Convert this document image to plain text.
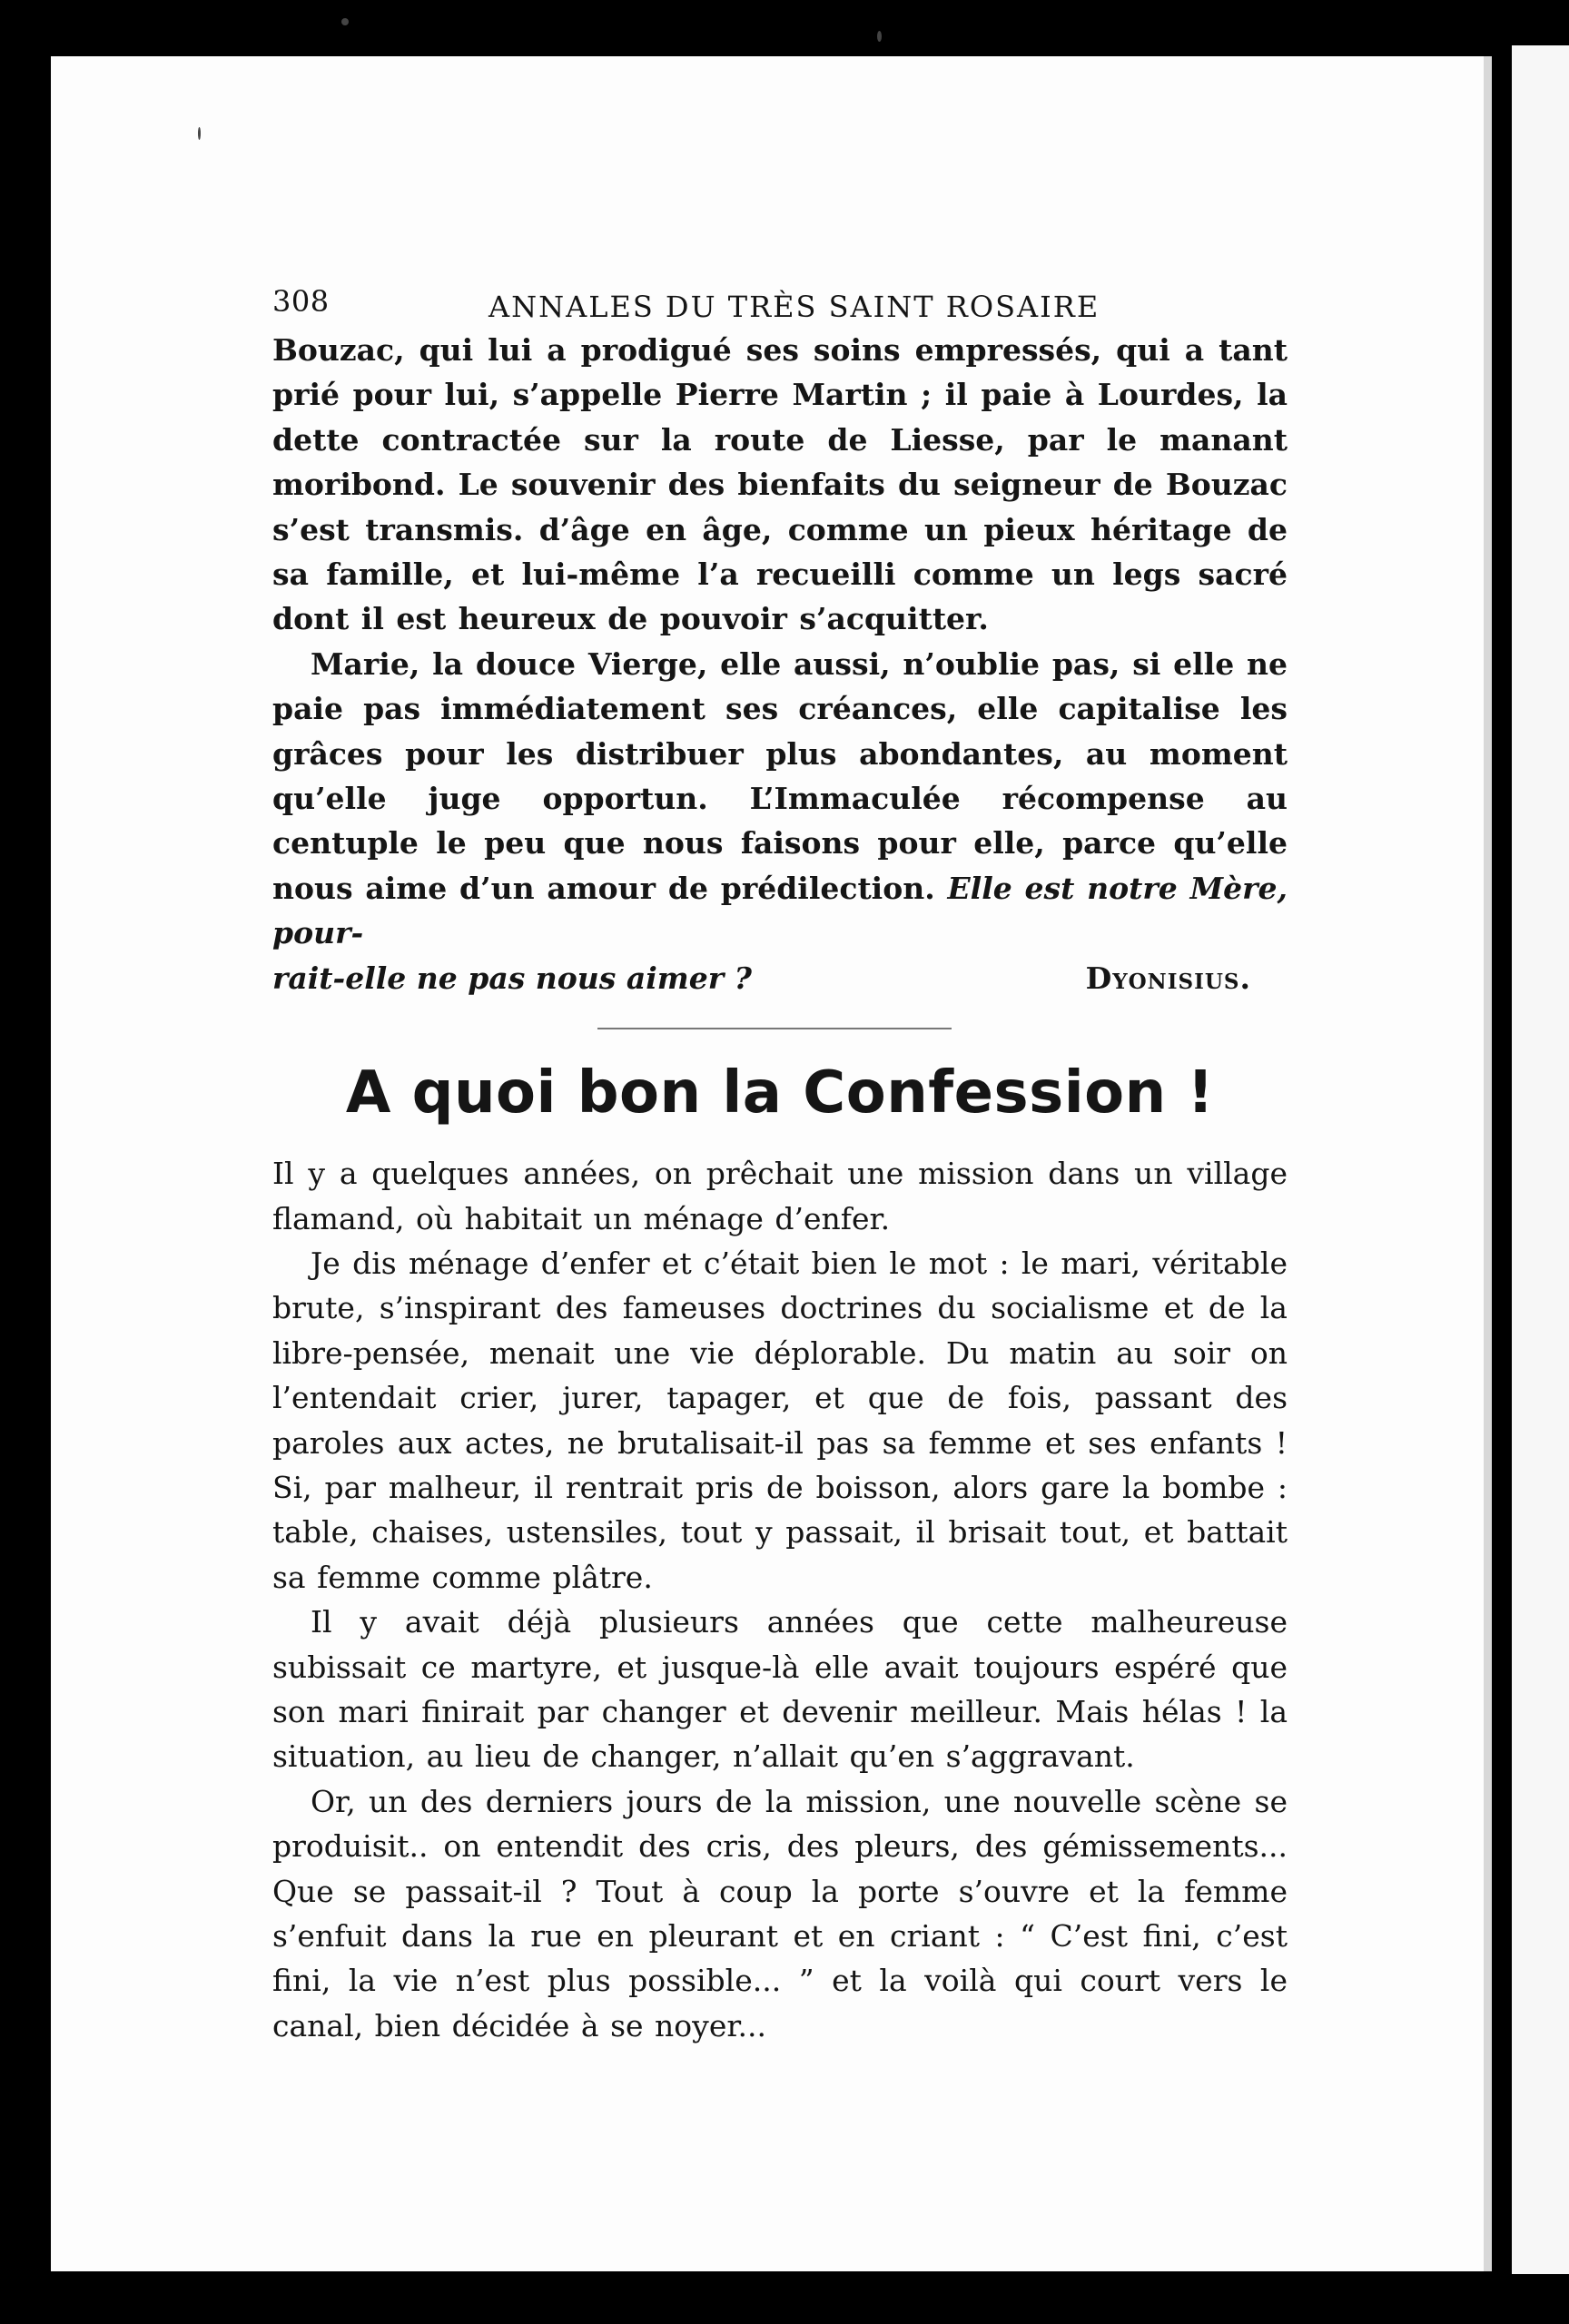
308	ANNALES DU TRÈS SAINT ROSAIRE

Bouzac, qui lui a prodigué ses soins empressés, qui a tant prié pour lui, s’appelle Pierre Martin ; il paie à Lourdes, la dette contractée sur la route de Liesse, par le manant moribond. Le souvenir des bienfaits du seigneur de Bouzac s’est transmis. d’âge en âge, comme un pieux héritage de sa famille, et lui-même l’a recueilli comme un legs sacré dont il est heureux de pouvoir s’acquitter.

Marie, la douce Vierge, elle aussi, n’oublie pas, si elle ne paie pas immédiatement ses créances, elle capitalise les grâces pour les distribuer plus abondantes, au moment qu’elle juge opportun. L’Immaculée récompense au centuple le peu que nous faisons pour elle, parce qu’elle nous aime d’un amour de prédilection. Elle est notre Mère, pour-

rait-elle ne pas nous aimer ?	Dyonisius.

A quoi bon la Confession !

Il y a quelques années, on prêchait une mission dans un village flamand, où habitait un ménage d’enfer.

Je dis ménage d’enfer et c’était bien le mot : le mari, véritable brute, s’inspirant des fameuses doctrines du socialisme et de la libre-pensée, menait une vie déplorable. Du matin au soir on l’entendait crier, jurer, tapager, et que de fois, passant des paroles aux actes, ne brutalisait-il pas sa femme et ses enfants ! Si, par malheur, il rentrait pris de boisson, alors gare la bombe : table, chaises, ustensiles, tout y passait, il brisait tout, et battait sa femme comme plâtre.

Il y avait déjà plusieurs années que cette malheureuse subissait ce martyre, et jusque-là elle avait toujours espéré que son mari finirait par changer et devenir meilleur. Mais hélas ! la situation, au lieu de changer, n’allait qu’en s’aggravant.

Or, un des derniers jours de la mission, une nouvelle scène se produisit.. on entendit des cris, des pleurs, des gémissements... Que se passait-il ? Tout à coup la porte s’ouvre et la femme s’enfuit dans la rue en pleurant et en criant : “ C’est fini, c’est fini, la vie n’est plus possible... ” et la voilà qui court vers le canal, bien décidée à se noyer...
